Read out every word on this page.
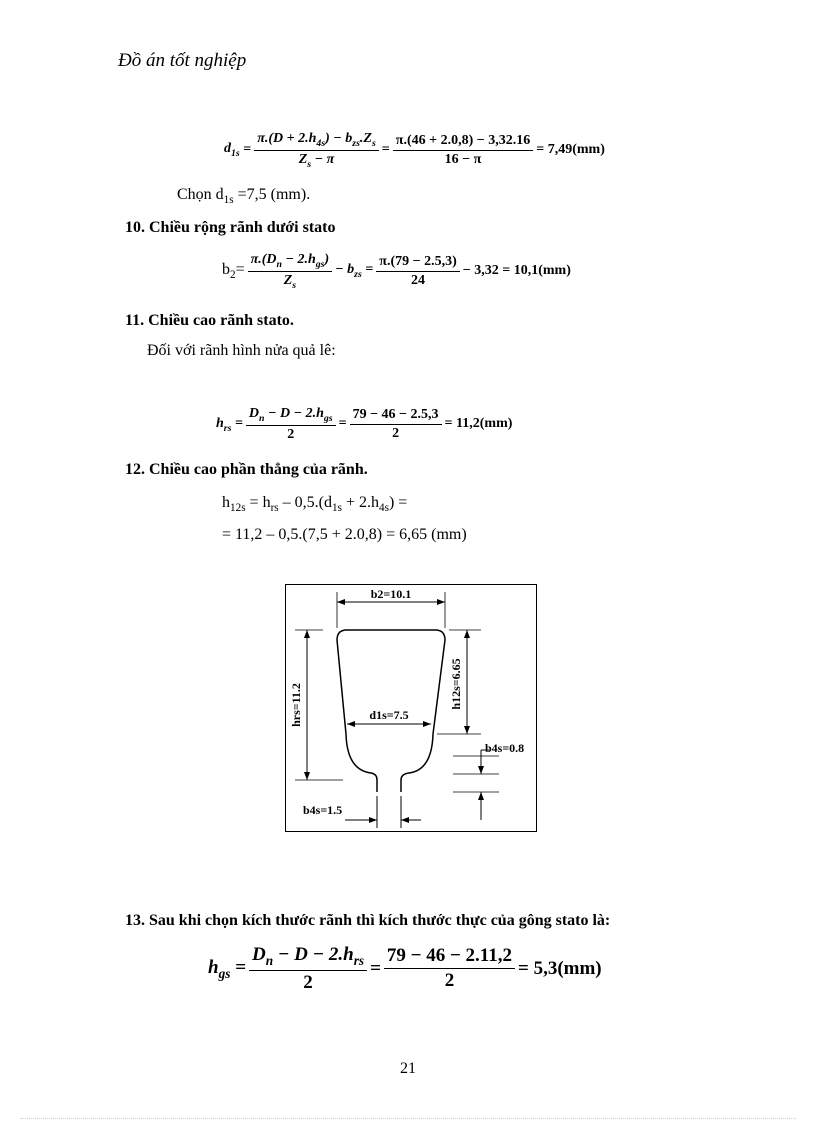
Đồ án tốt nghiệp
$d_{1s} = \frac{\pi.(D + 2.h_{4s}) - b_{zs}.Z_s}{Z_s - \pi} = \frac{\pi.(46 + 2.0,8) - 3,32.16}{16 - \pi} = 7,49(mm)$
Chọn $d_{1s} =7,5$ (mm).
10. Chiều rộng rãnh dưới stato
$b_2= \frac{\pi.(D_n - 2.h_{gs})}{Z_s} - b_{zs} = \frac{\pi.(79 - 2.5,3)}{24} - 3,32 = 10,1(mm)$
11. Chiều cao rãnh stato.
Đối với rãnh hình nửa quả lê:
$h_{rs} = \frac{D_n - D - 2.h_{gs}}{2} = \frac{79 - 46 - 2.5,3}{2} = 11,2(mm)$
12. Chiều cao phần thẳng của rãnh.
$h_{12s} = h_{rs} - 0,5.(d_{1s} + 2.h_{4s})$ =
= 11,2 – 0,5.(7,5 + 2.0,8) = 6,65 (mm)
b2=10.1
hrs=11.2	h12s=6.65
d1s=7.5
b4s=0.8
b4s=1.5
13. Sau khi chọn kích thước rãnh thì kích thước thực của gông stato là:
$h_{gs} = \frac{D_n - D - 2.h_{rs}}{2} = \frac{79 - 46 - 2.11,2}{2} = 5,3(mm)$
21
